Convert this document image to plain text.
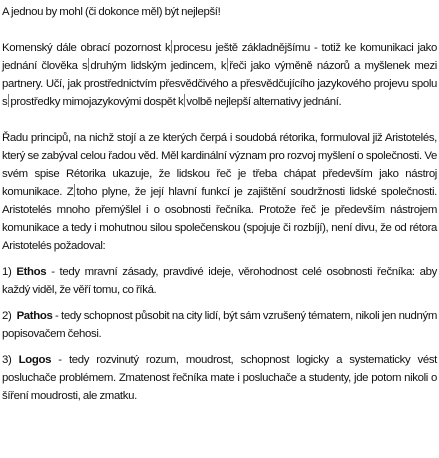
A jednou by mohl (či dokonce měl) být nejlepší!

Komenský dále obrací pozornost k procesu ještě základnějšímu - totiž ke komunikaci jako jednání člověka s druhým lidským jedincem, k řeči jako výměně názorů a myšlenek mezi partnery. Učí, jak prostřednictvím přesvědčivého a přesvědčujícího jazykového projevu spolu s prostředky mimojazykovými dospět k volbě nejlepší alternativy jednání.

Řadu principů, na nichž stojí a ze kterých čerpá i soudobá rétorika, formuloval již Aristotelés, který se zabýval celou řadou věd. Měl kardinální význam pro rozvoj myšlení o společnosti. Ve svém spise Rétorika ukazuje, že lidskou řeč je třeba chápat především jako nástroj komunikace. Z toho plyne, že její hlavní funkcí je zajištění soudržnosti lidské společnosti. Aristotelés mnoho přemýšlel i o osobnosti řečníka. Protože řeč je především nástrojem komunikace a tedy i mohutnou silou společenskou (spojuje či rozbíjí), není divu, že od rétora Aristotelés požadoval:

1) Ethos - tedy mravní zásady, pravdivé ideje, věrohodnost celé osobnosti řečníka: aby každý viděl, že věří tomu, co říká.

2) Pathos - tedy schopnost působit na city lidí, být sám vzrušený tématem, nikoli jen nudným popisovačem čehosi.

3) Logos - tedy rozvinutý rozum, moudrost, schopnost logicky a systematicky vést posluchače problémem. Zmatenost řečníka mate i posluchače a studenty, jde potom nikoli o šíření moudrosti, ale zmatku.
